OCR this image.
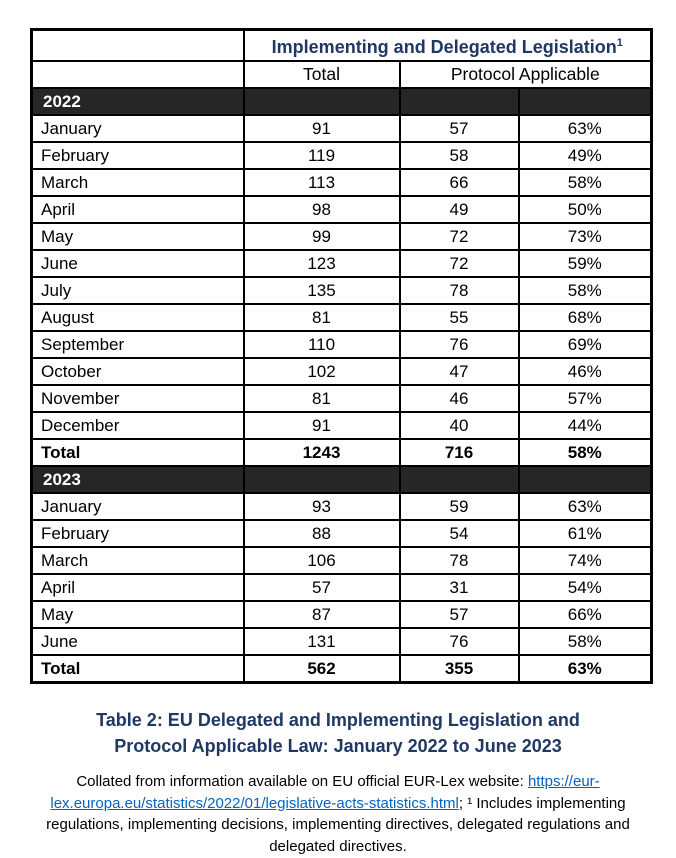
	Implementing and Delegated Legislation$^1$
	Total	Protocol Applicable	
2022			
January	91	57	63%
February	119	58	49%
March	113	66	58%
April	98	49	50%
May	99	72	73%
June	123	72	59%
July	135	78	58%
August	81	55	68%
September	110	76	69%
October	102	47	46%
November	81	46	57%
December	91	40	44%
Total	1243	716	58%
2023			
January	93	59	63%
February	88	54	61%
March	106	78	74%
April	57	31	54%
May	87	57	66%
June	131	76	58%
Total	562	355	63%
Table 2: EU Delegated and Implementing Legislation and Protocol Applicable Law: January 2022 to June 2023
Collated from information available on EU official EUR-Lex website: https://eur-
lex.europa.eu/statistics/2022/01/legislative-acts-statistics.html; ¹ Includes implementing regulations, implementing decisions, implementing directives, delegated regulations and delegated directives.
